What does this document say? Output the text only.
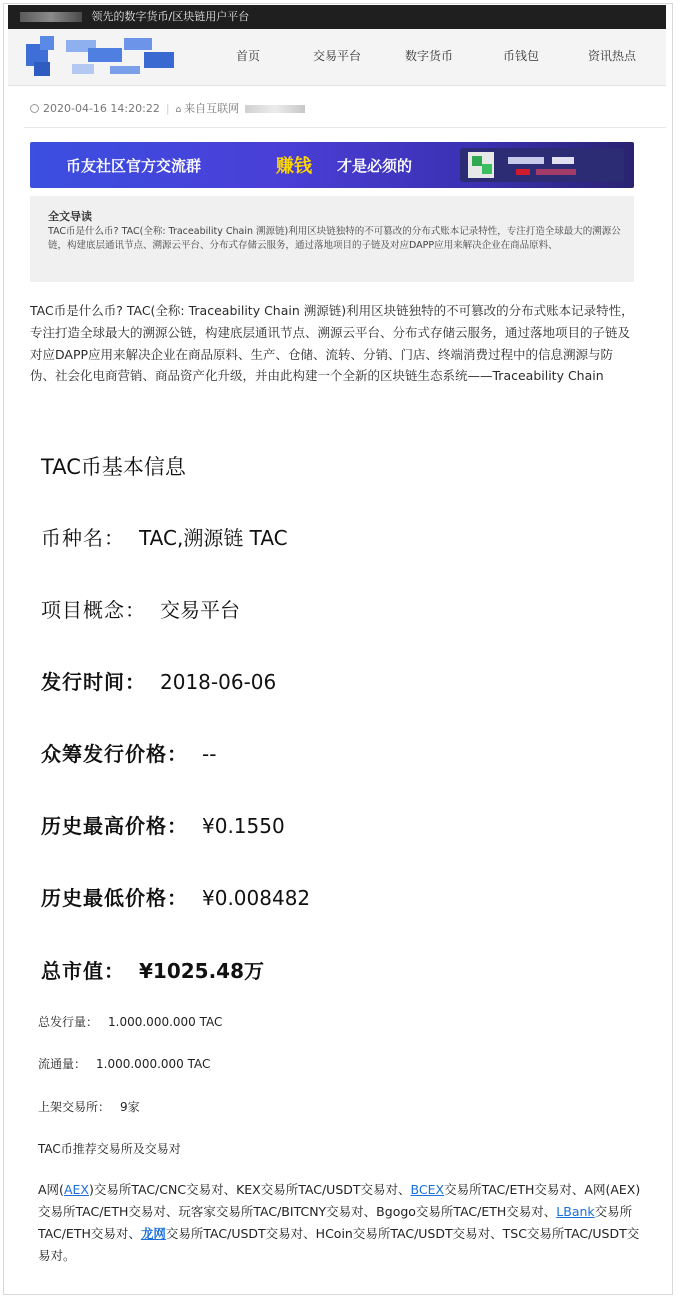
领先的数字货币/区块链用户平台
首页	交易平台	数字货币	币钱包	资讯热点
2020-04-16 14:20:22 | ⌂ 来自互联网
币友社区官方交流群	赚钱 才是必须的
全文导读
TAC币是什么币? TAC(全称: Traceability Chain 溯源链)利用区块链独特的不可篡改的分布式账本记录特性，专注打造全球最大的溯源公链，构建底层通讯节点、溯源云平台、分布式存储云服务，通过落地项目的子链及对应DAPP应用来解决企业在商品原料、
TAC币是什么币? TAC(全称: Traceability Chain 溯源链)利用区块链独特的不可篡改的分布式账本记录特性，专注打造全球最大的溯源公链，构建底层通讯节点、溯源云平台、分布式存储云服务，通过落地项目的子链及对应DAPP应用来解决企业在商品原料、生产、仓储、流转、分销、门店、终端消费过程中的信息溯源与防伪、社会化电商营销、商品资产化升级，并由此构建一个全新的区块链生态系统——Traceability Chain
TAC币基本信息
币种名： TAC,溯源链 TAC
项目概念： 交易平台
发行时间： 2018-06-06
众筹发行价格： --
历史最高价格： ¥0.1550
历史最低价格： ¥0.008482
总市值： ¥1025.48万
总发行量： 1.000.000.000 TAC
流通量： 1.000.000.000 TAC
上架交易所： 9家
TAC币推荐交易所及交易对
A网(AEX)交易所TAC/CNC交易对、KEX交易所TAC/USDT交易对、BCEX交易所TAC/ETH交易对、A网(AEX)交易所TAC/ETH交易对、玩客家交易所TAC/BITCNY交易对、Bgogo交易所TAC/ETH交易对、LBank交易所TAC/ETH交易对、龙网交易所TAC/USDT交易对、HCoin交易所TAC/USDT交易对、TSC交易所TAC/USDT交易对。
